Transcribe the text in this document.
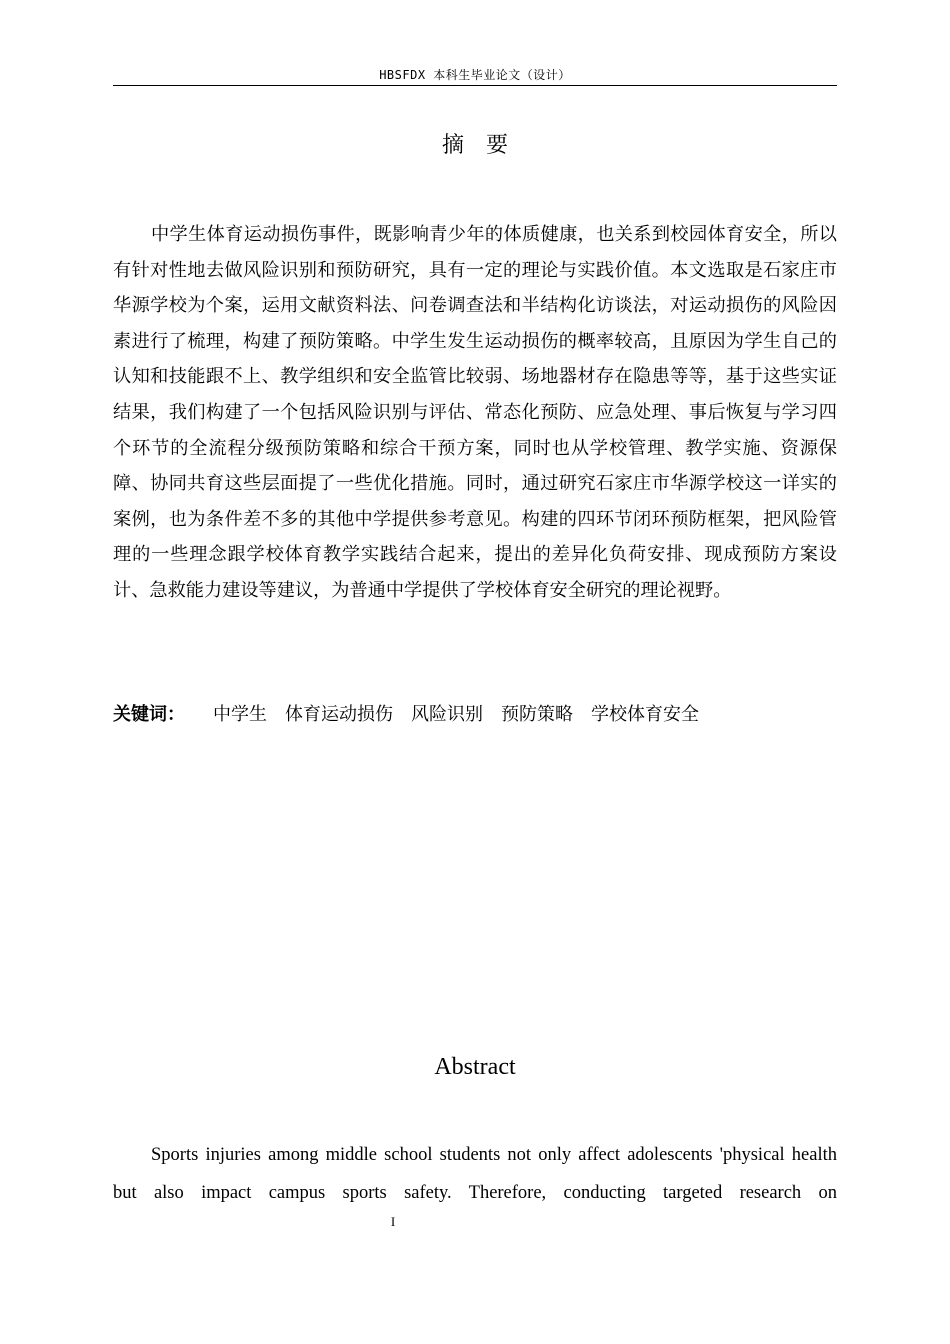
HBSFDX 本科生毕业论文（设计）
摘要

中学生体育运动损伤事件，既影响青少年的体质健康，也关系到校园体育安全，所以有针对性地去做风险识别和预防研究，具有一定的理论与实践价值。本文选取是石家庄市华源学校为个案，运用文献资料法、问卷调查法和半结构化访谈法，对运动损伤的风险因素进行了梳理，构建了预防策略。中学生发生运动损伤的概率较高，且原因为学生自己的认知和技能跟不上、教学组织和安全监管比较弱、场地器材存在隐患等等，基于这些实证结果，我们构建了一个包括风险识别与评估、常态化预防、应急处理、事后恢复与学习四个环节的全流程分级预防策略和综合干预方案，同时也从学校管理、教学实施、资源保障、协同共育这些层面提了一些优化措施。同时，通过研究石家庄市华源学校这一详实的案例，也为条件差不多的其他中学提供参考意见。构建的四环节闭环预防框架，把风险管理的一些理念跟学校体育教学实践结合起来，提出的差异化负荷安排、现成预防方案设计、急救能力建设等建议，为普通中学提供了学校体育安全研究的理论视野。

关键词： 中学生 体育运动损伤 风险识别 预防策略 学校体育安全
Abstract

Sports injuries among middle school students not only affect adolescents 'physical health but also impact campus sports safety. Therefore, conducting targeted research on

I
